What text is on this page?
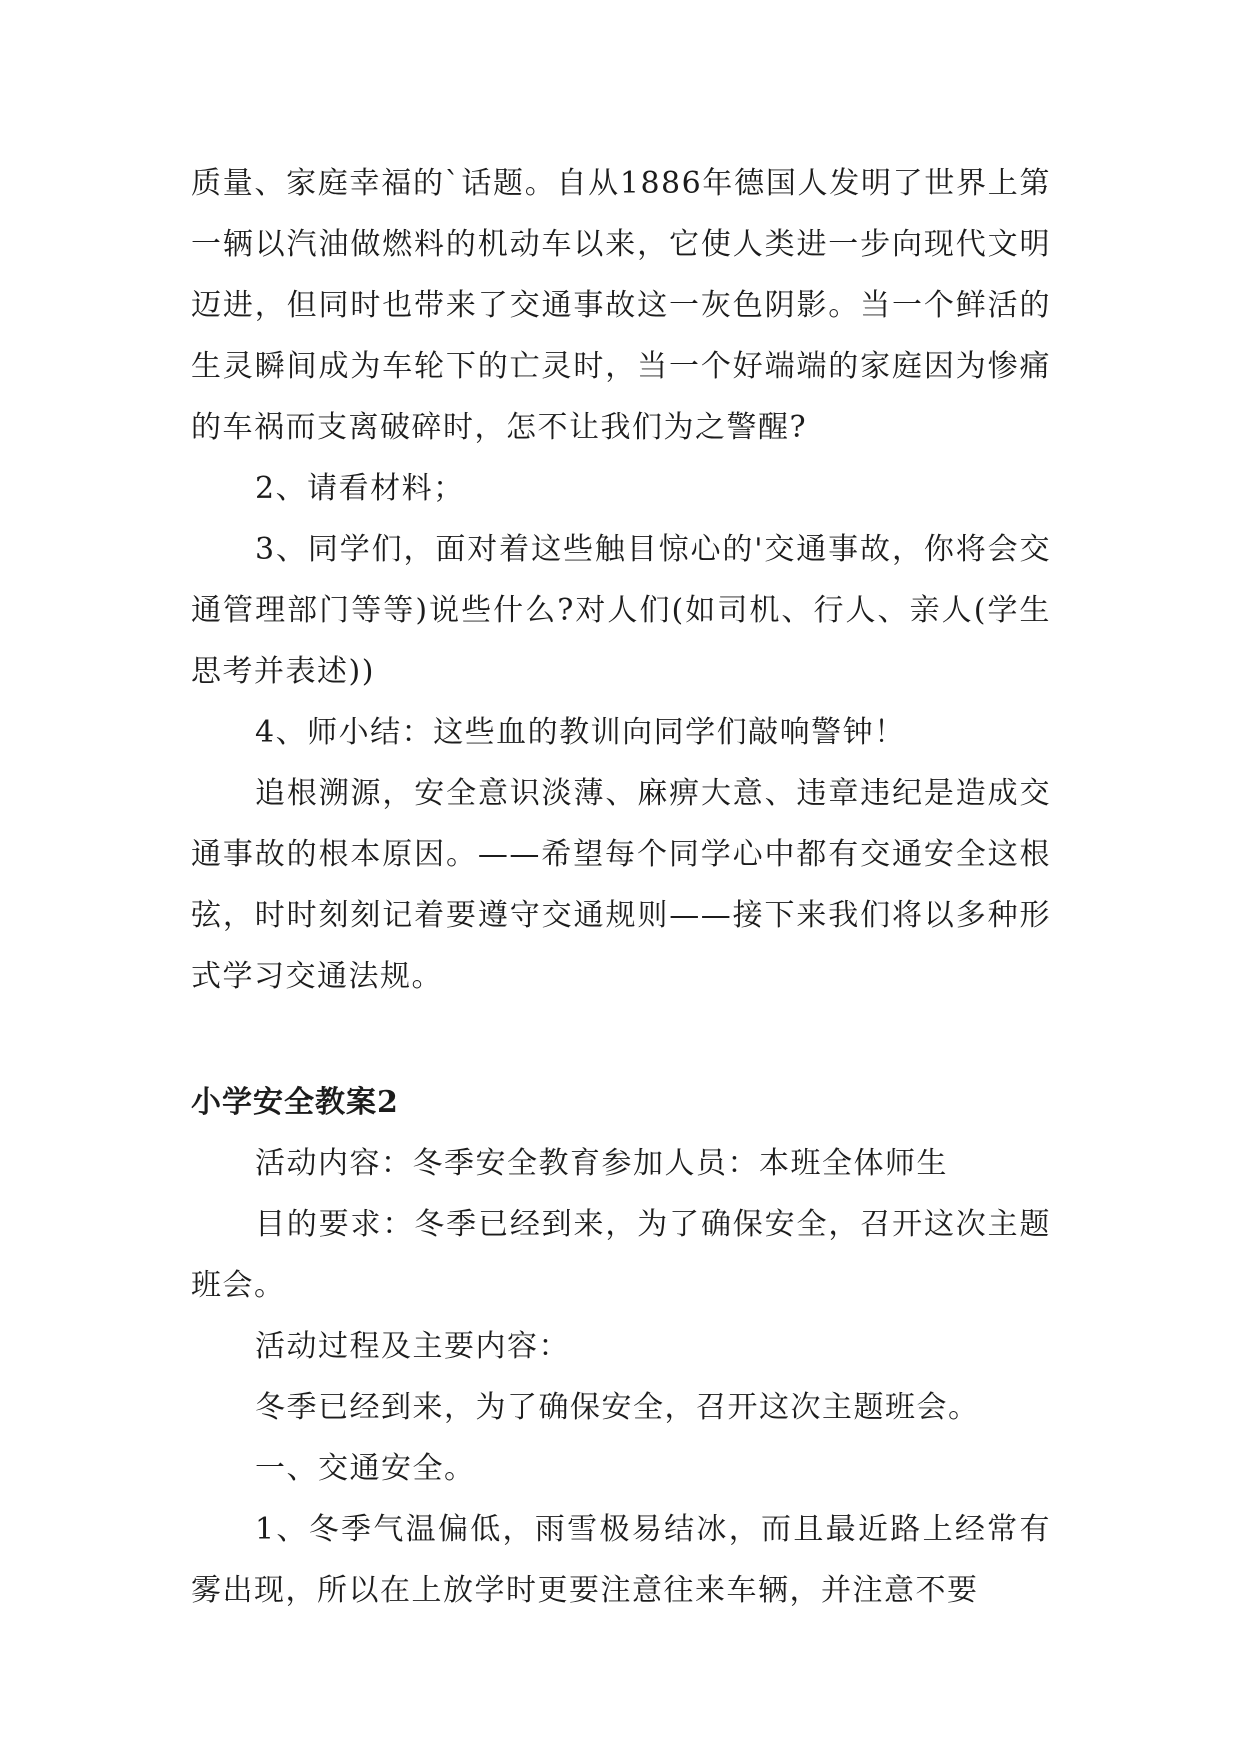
质量、家庭幸福的`话题。自从1886年德国人发明了世界上第一辆以汽油做燃料的机动车以来，它使人类进一步向现代文明迈进，但同时也带来了交通事故这一灰色阴影。当一个鲜活的生灵瞬间成为车轮下的亡灵时，当一个好端端的家庭因为惨痛的车祸而支离破碎时，怎不让我们为之警醒?

2、请看材料；

3、同学们，面对着这些触目惊心的'交通事故，你将会交通管理部门等等)说些什么?对人们(如司机、行人、亲人(学生思考并表述))

4、师小结：这些血的教训向同学们敲响警钟！

追根溯源，安全意识淡薄、麻痹大意、违章违纪是造成交通事故的根本原因。——希望每个同学心中都有交通安全这根弦，时时刻刻记着要遵守交通规则——接下来我们将以多种形式学习交通法规。

小学安全教案2

活动内容：冬季安全教育参加人员：本班全体师生

目的要求：冬季已经到来，为了确保安全，召开这次主题班会。

活动过程及主要内容：

冬季已经到来，为了确保安全，召开这次主题班会。

一、交通安全。

1、冬季气温偏低，雨雪极易结冰，而且最近路上经常有雾出现，所以在上放学时更要注意往来车辆，并注意不要
